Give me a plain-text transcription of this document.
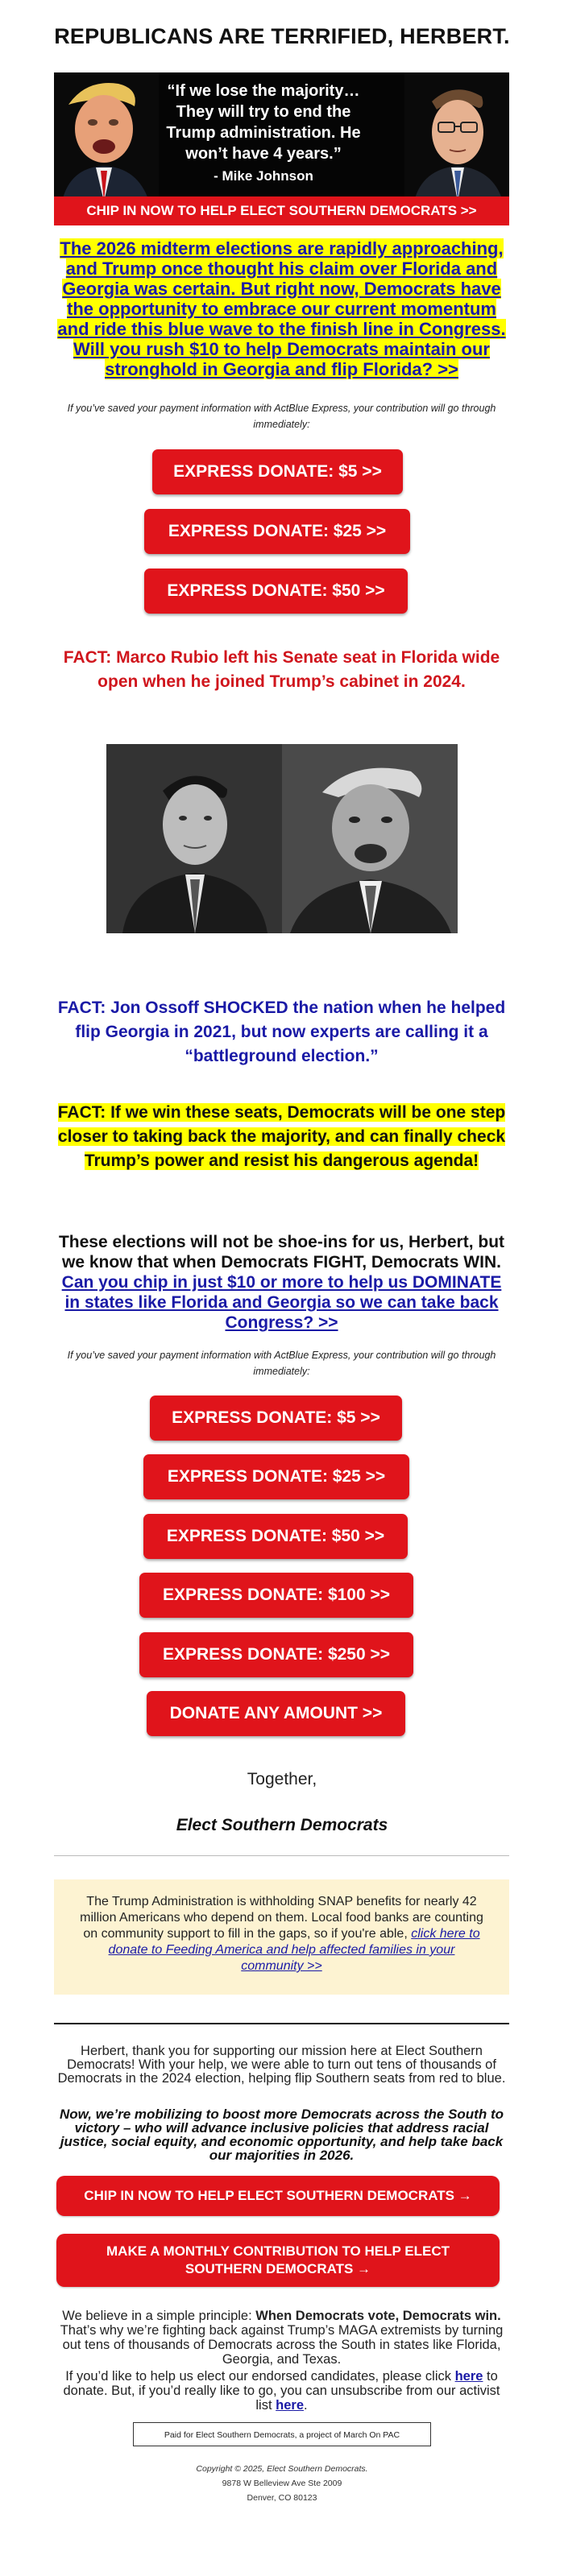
REPUBLICANS ARE TERRIFIED, HERBERT.
“If we lose the majority… They will try to end the Trump administration. He won’t have 4 years.”
- Mike Johnson
CHIP IN NOW TO HELP ELECT SOUTHERN DEMOCRATS >>
The 2026 midterm elections are rapidly approaching, and Trump once thought his claim over Florida and Georgia was certain. But right now, Democrats have the opportunity to embrace our current momentum and ride this blue wave to the finish line in Congress. Will you rush $10 to help Democrats maintain our stronghold in Georgia and flip Florida? >>
If you’ve saved your payment information with ActBlue Express, your contribution will go through immediately:
EXPRESS DONATE: $5 >>
EXPRESS DONATE: $25 >>
EXPRESS DONATE: $50 >>
FACT: Marco Rubio left his Senate seat in Florida wide open when he joined Trump’s cabinet in 2024.
FACT: Jon Ossoff SHOCKED the nation when he helped flip Georgia in 2021, but now experts are calling it a “battleground election.”
FACT: If we win these seats, Democrats will be one step closer to taking back the majority, and can finally check Trump’s power and resist his dangerous agenda!
These elections will not be shoe-ins for us, Herbert, but we know that when Democrats FIGHT, Democrats WIN. Can you chip in just $10 or more to help us DOMINATE in states like Florida and Georgia so we can take back Congress? >>
If you’ve saved your payment information with ActBlue Express, your contribution will go through immediately:
EXPRESS DONATE: $5 >>
EXPRESS DONATE: $25 >>
EXPRESS DONATE: $50 >>
EXPRESS DONATE: $100 >>
EXPRESS DONATE: $250 >>
DONATE ANY AMOUNT >>
Together,
Elect Southern Democrats
The Trump Administration is withholding SNAP benefits for nearly 42 million Americans who depend on them. Local food banks are counting on community support to fill in the gaps, so if you're able, click here to donate to Feeding America and help affected families in your community >>
Herbert, thank you for supporting our mission here at Elect Southern Democrats! With your help, we were able to turn out tens of thousands of Democrats in the 2024 election, helping flip Southern seats from red to blue.
Now, we’re mobilizing to boost more Democrats across the South to victory – who will advance inclusive policies that address racial justice, social equity, and economic opportunity, and help take back our majorities in 2026.
CHIP IN NOW TO HELP ELECT SOUTHERN DEMOCRATS →
MAKE A MONTHLY CONTRIBUTION TO HELP ELECT SOUTHERN DEMOCRATS →
We believe in a simple principle: When Democrats vote, Democrats win. That’s why we’re fighting back against Trump’s MAGA extremists by turning out tens of thousands of Democrats across the South in states like Florida, Georgia, and Texas.
If you’d like to help us elect our endorsed candidates, please click here to donate. But, if you’d really like to go, you can unsubscribe from our activist list here.
Paid for Elect Southern Democrats, a project of March On PAC
Copyright © 2025, Elect Southern Democrats.
9878 W Belleview Ave Ste 2009
Denver, CO 80123
